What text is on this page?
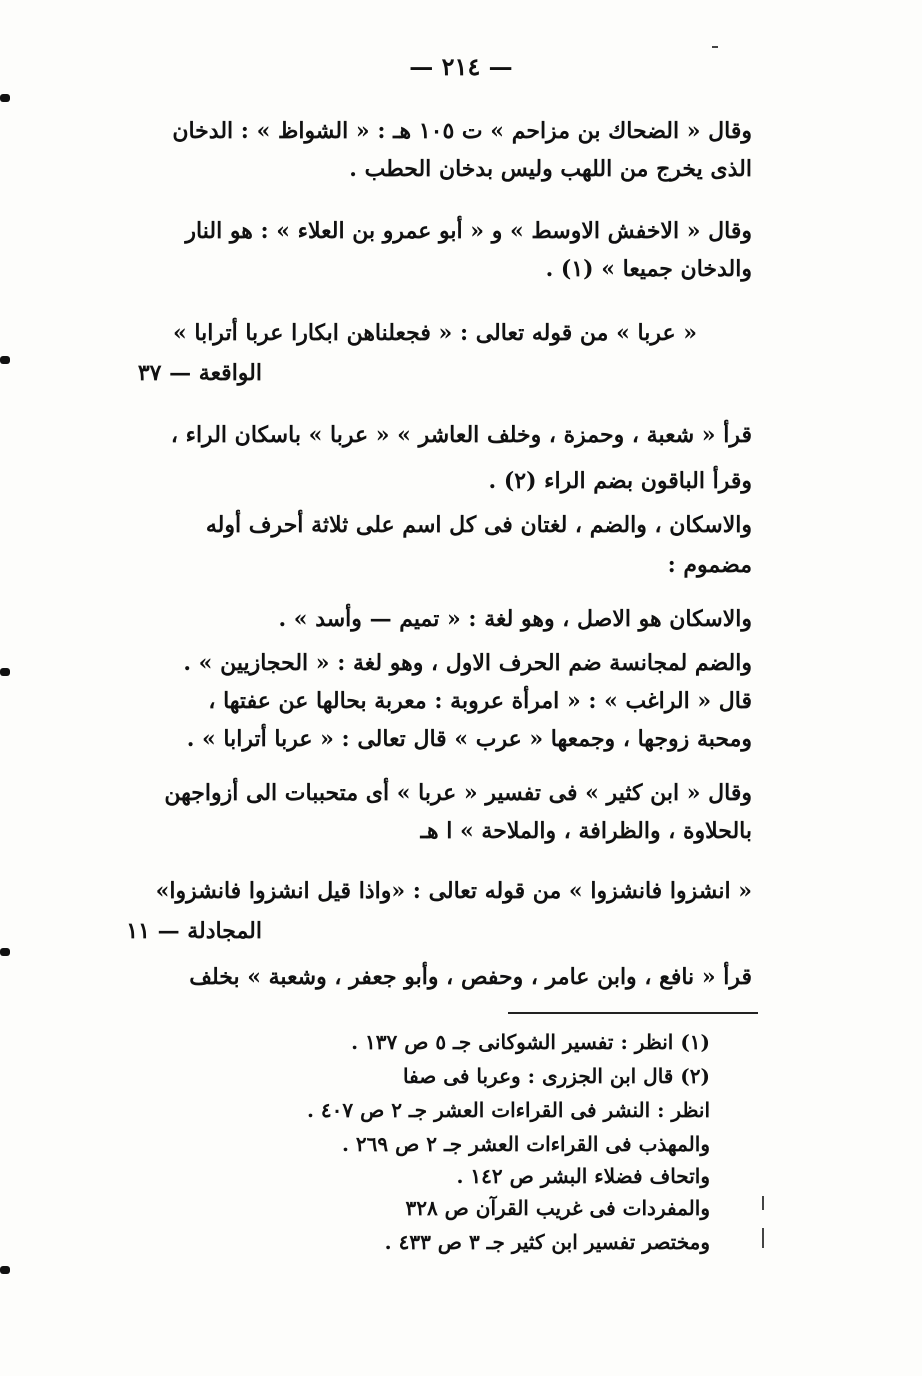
— ٢١٤ —
وقال « الضحاك بن مزاحم » ت ١٠٥ هـ : « الشواظ » : الدخان
الذى يخرج من اللهب وليس بدخان الحطب .
وقال « الاخفش الاوسط » و « أبو عمرو بن العلاء » : هو النار
والدخان جميعا » (١) .
« عربا » من قوله تعالى : « فجعلناهن ابكارا عربا أترابا »
الواقعة — ٣٧
قرأ « شعبة ، وحمزة ، وخلف العاشر » « عربا » باسكان الراء ،
وقرأ الباقون بضم الراء (٢) .
والاسكان ، والضم ، لغتان فى كل اسم على ثلاثة أحرف أوله
مضموم :
والاسكان هو الاصل ، وهو لغة : « تميم — وأسد » .
والضم لمجانسة ضم الحرف الاول ، وهو لغة : « الحجازيين » .
قال « الراغب » : « امرأة عروبة : معربة بحالها عن عفتها ،
ومحبة زوجها ، وجمعها « عرب » قال تعالى : « عربا أترابا » .
وقال « ابن كثير » فى تفسير « عربا » أى متحببات الى أزواجهن
بالحلاوة ، والظرافة ، والملاحة » ا هـ
« انشزوا فانشزوا » من قوله تعالى : «واذا قيل انشزوا فانشزوا»
المجادلة — ١١
قرأ « نافع ، وابن عامر ، وحفص ، وأبو جعفر ، وشعبة » بخلف
(١) انظر : تفسير الشوكانى جـ ٥ ص ١٣٧ .
(٢) قال ابن الجزرى : وعربا فى صفا
انظر : النشر فى القراءات العشر جـ ٢ ص ٤٠٧ .
والمهذب فى القراءات العشر جـ ٢ ص ٢٦٩ .
واتحاف فضلاء البشر ص ١٤٢ .
والمفردات فى غريب القرآن ص ٣٢٨
ومختصر تفسير ابن كثير جـ ٣ ص ٤٣٣ .
